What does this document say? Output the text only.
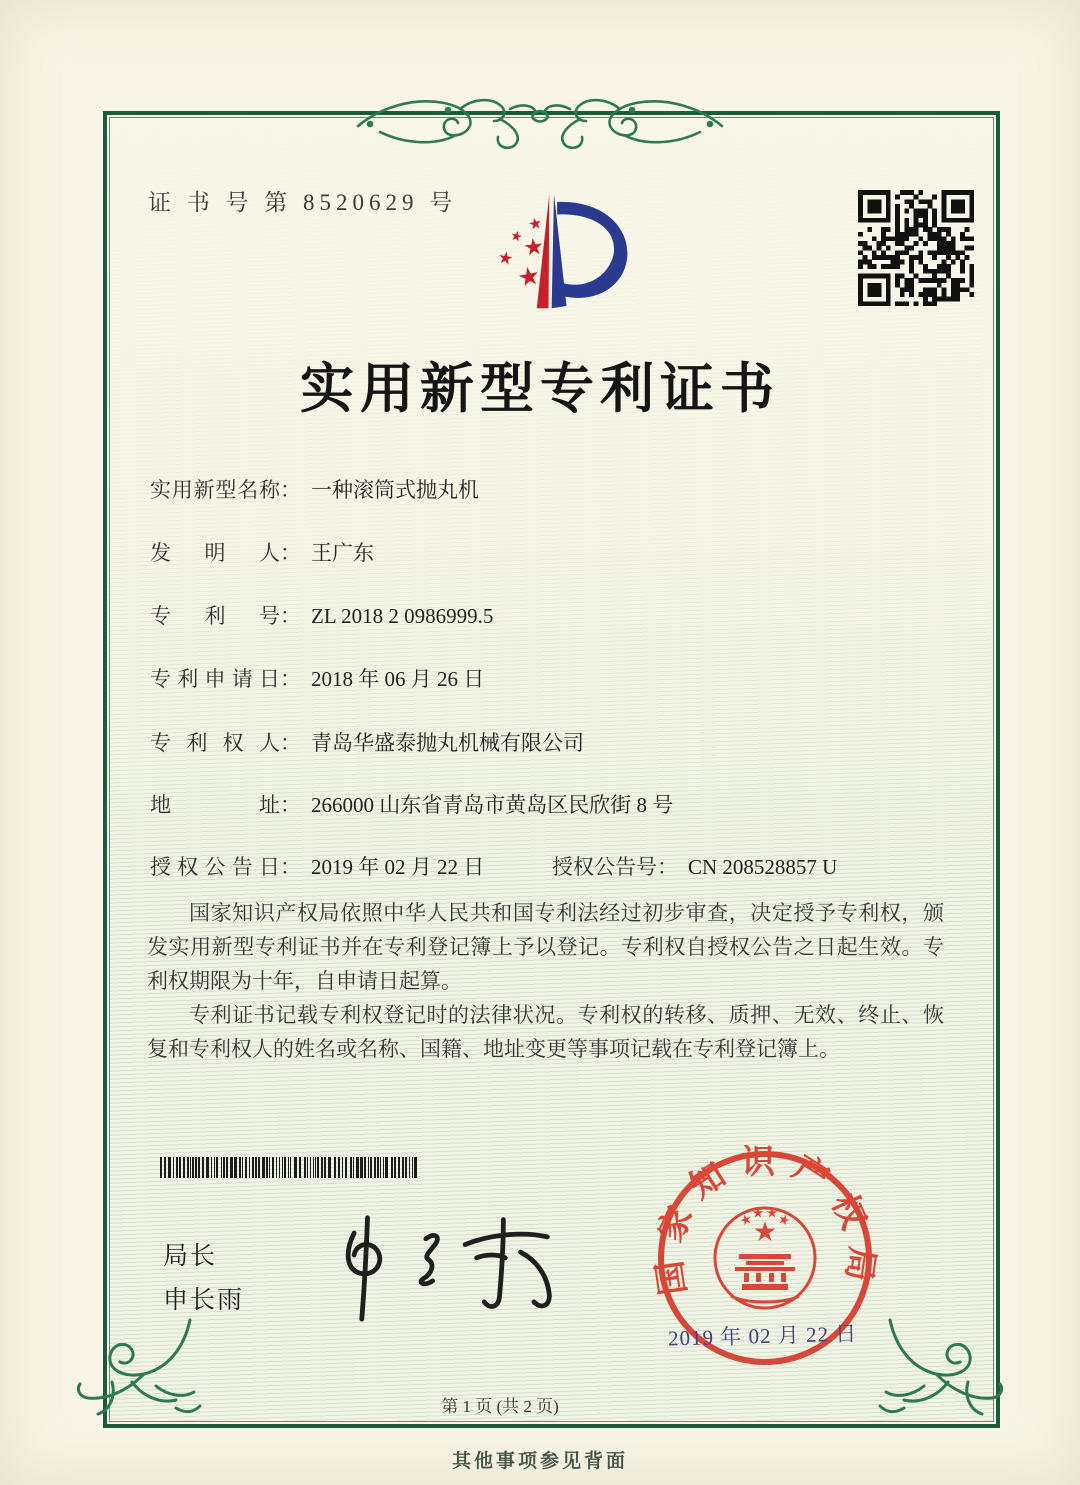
证 书 号 第 8520629 号
实用新型专利证书
实 用 新 型 名 称 ： 一种滚筒式抛丸机
发 明 人 ： 王广东
专 利 号 ： ZL 2018 2 0986999.5
专 利 申 请 日 ： 2018 年 06 月 26 日
专 利 权 人 ： 青岛华盛泰抛丸机械有限公司
地	址 ： 266000 山东省青岛市黄岛区民欣街 8 号
授 权 公 告 日 ： 2019 年 02 月 22 日	授权公告号 ： CN 208528857 U

国家知识产权局依照中华人民共和国专利法经过初步审查，决定授予专利权，颁发实用新型专利证书并在专利登记簿上予以登记。专利权自授权公告之日起生效。专利权期限为十年，自申请日起算。

专利证书记载专利权登记时的法律状况。专利权的转移、质押、无效、终止、恢复和专利权人的姓名或名称、国籍、地址变更等事项记载在专利登记簿上。

局长
申长雨
国家知识产权局
2019 年 02 月 22 日
第 1 页 (共 2 页)
其他事项参见背面
